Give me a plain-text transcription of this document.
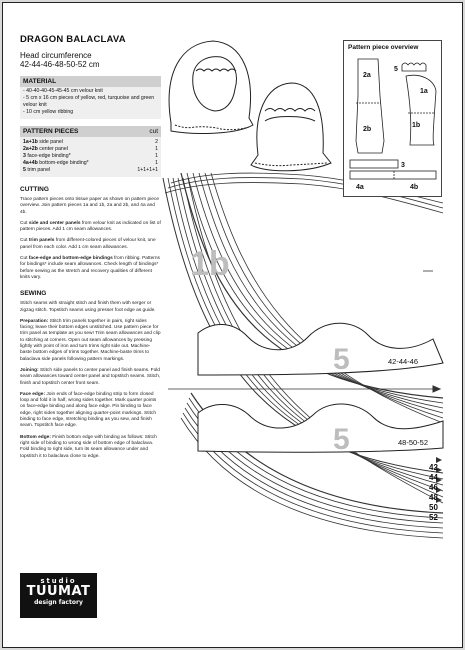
1b
5
5
42-44-46
48-50-52
42
44
46
48
50
52
DRAGON BALACLAVA
Head circumference
42-44-46-48-50-52 cm
MATERIAL
- 40-40-40-45-45-45 cm velour knit
- 5 cm x 16 cm pieces of yellow, red, turquoise and green velour knit
- 10 cm yellow ribbing
PATTERN PIECES	cut
1a+1b side panel	2
2a+2b center panel	1
3 face-edge binding*	1
4a+4b bottom-edge binding*	1
5 trim panel	1+1+1+1
CUTTING

Trace pattern pieces onto tissue paper as shown on pattern piece overview. Join pattern pieces 1a and 1b, 2a and 2b, and 4a and 4b.

Cut side and center panels from velour knit as indicated on list of pattern pieces. Add 1 cm seam allowances.

Cut trim panels from different-colored pieces of velour knit, one panel from each color. Add 1 cm seam allowances.

Cut face-edge and bottom-edge bindings from ribbing. Patterns for bindings* include seam allowances. Check length of bindings* before sewing as the stretch and recovery qualities of different knits vary.

SEWING

Stitch seams with straight stitch and finish them with serger or zigzag stitch. Topstitch seams using presser foot edge as guide.

Preparation: Stitch trim panels together in pairs, right sides facing; leave their bottom edges unstitched. Use pattern piece for trim panel as template as you sew! Trim seam allowances and clip to stitching at corners. Open out seam allowances by pressing lightly with point of iron and turn trims right side out. Machine-baste bottom edges of trims together. Machine-baste trims to balaclava side panels following pattern markings.

Joining: Stitch side panels to center panel and finish seams. Fold seam allowances toward center panel and topstitch seams. Stitch, finish and topstitch center front seam.

Face edge: Join ends of face-edge binding strip to form closed loop and fold it in half, wrong sides together. Mark quarter points on face-edge binding and along face edge. Pin binding to face edge, right sides together aligning quarter-point markings. Stitch binding to face edge, stretching binding as you sew, and finish seam. Topstitch face edge.

Bottom edge: Finish bottom edge with binding as follows: Stitch right side of binding to wrong side of bottom edge of balaclava. Fold binding to right side, turn its seam allowance under and topstitch it to balaclava close to edge.

studio
TUUMAT
design factory
Pattern piece overview
2a
2b
5
1a
1b
3
4a	4b
